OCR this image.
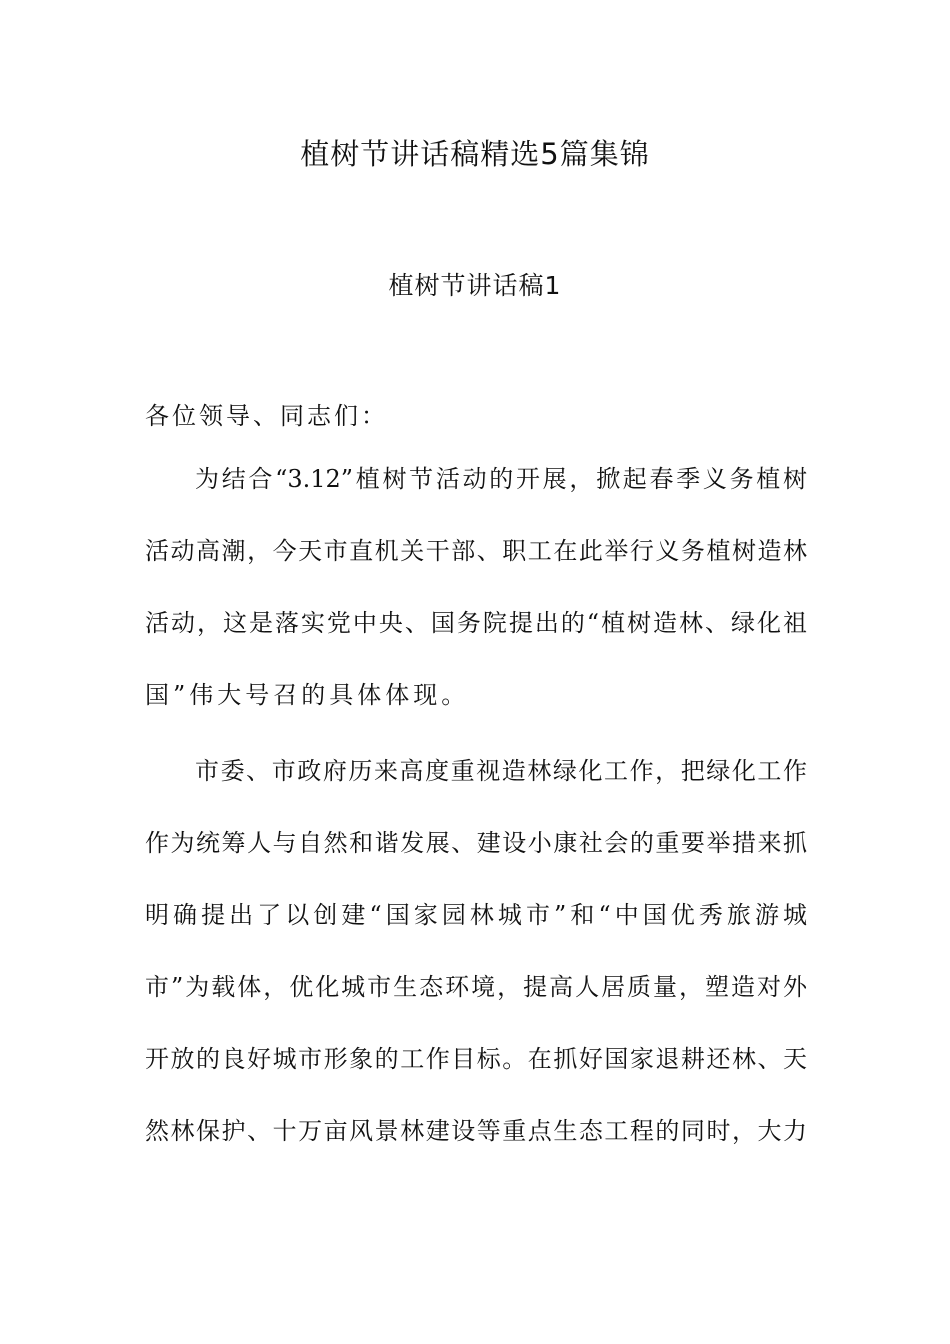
植树节讲话稿精选5篇集锦
植树节讲话稿1
各位领导、同志们：
为结合“3.12”植树节活动的开展，掀起春季义务植树
活动高潮，今天市直机关干部、职工在此举行义务植树造林
活动，这是落实党中央、国务院提出的“植树造林、绿化祖
国”伟大号召的具体体现。
市委、市政府历来高度重视造林绿化工作，把绿化工作
作为统筹人与自然和谐发展、建设小康社会的重要举措来抓
明确提出了以创建“国家园林城市”和“中国优秀旅游城
市”为载体，优化城市生态环境，提高人居质量，塑造对外
开放的良好城市形象的工作目标。在抓好国家退耕还林、天
然林保护、十万亩风景林建设等重点生态工程的同时，大力
